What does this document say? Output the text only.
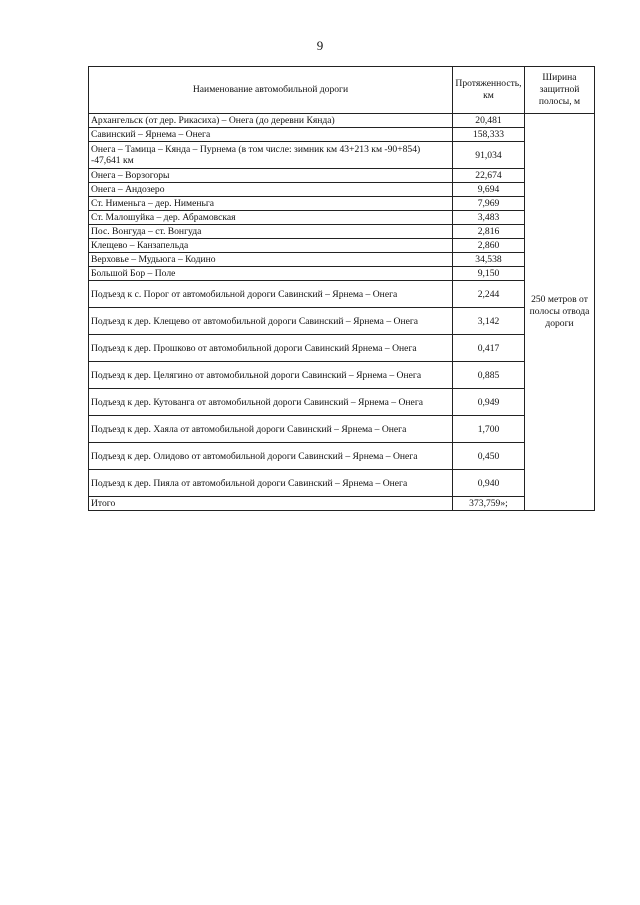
9
Наименование автомобильной дороги	Протяженность, км	Ширина защитной полосы, м
Архангельск (от дер. Рикасиха) – Онега (до деревни Кянда)	20,481	250 метров от полосы отвода дороги
Савинский – Ярнема – Онега	158,333	
Онега – Тамица – Кянда – Пурнема (в том числе: зимник км 43+213 км -90+854) -47,641 км	91,034	
Онега – Ворзогоры	22,674	
Онега – Андозеро	9,694	
Ст. Нименьга – дер. Нименьга	7,969	
Ст. Малошуйка – дер. Абрамовская	3,483	
Пос. Вонгуда – ст. Вонгуда	2,816	
Клещево – Канзапельда	2,860	
Верховье – Мудьюга – Кодино	34,538	
Большой Бор – Поле	9,150	
Подъезд к с. Порог от автомобильной дороги Савинский – Ярнема – Онега	2,244	
Подъезд к дер. Клещево от автомобильной дороги Савинский – Ярнема – Онега	3,142	
Подъезд к дер. Прошково от автомобильной дороги Савинский Ярнема – Онега	0,417	
Подъезд к дер. Целягино от автомобильной дороги Савинский – Ярнема – Онега	0,885	
Подъезд к дер. Кутованга от автомобильной дороги Савинский – Ярнема – Онега	0,949	
Подъезд к дер. Хаяла от автомобильной дороги Савинский – Ярнема – Онега	1,700	
Подъезд к дер. Олидово от автомобильной дороги Савинский – Ярнема – Онега	0,450	
Подъезд к дер. Пияла от автомобильной дороги Савинский – Ярнема – Онега	0,940	
Итого	373,759»;	
